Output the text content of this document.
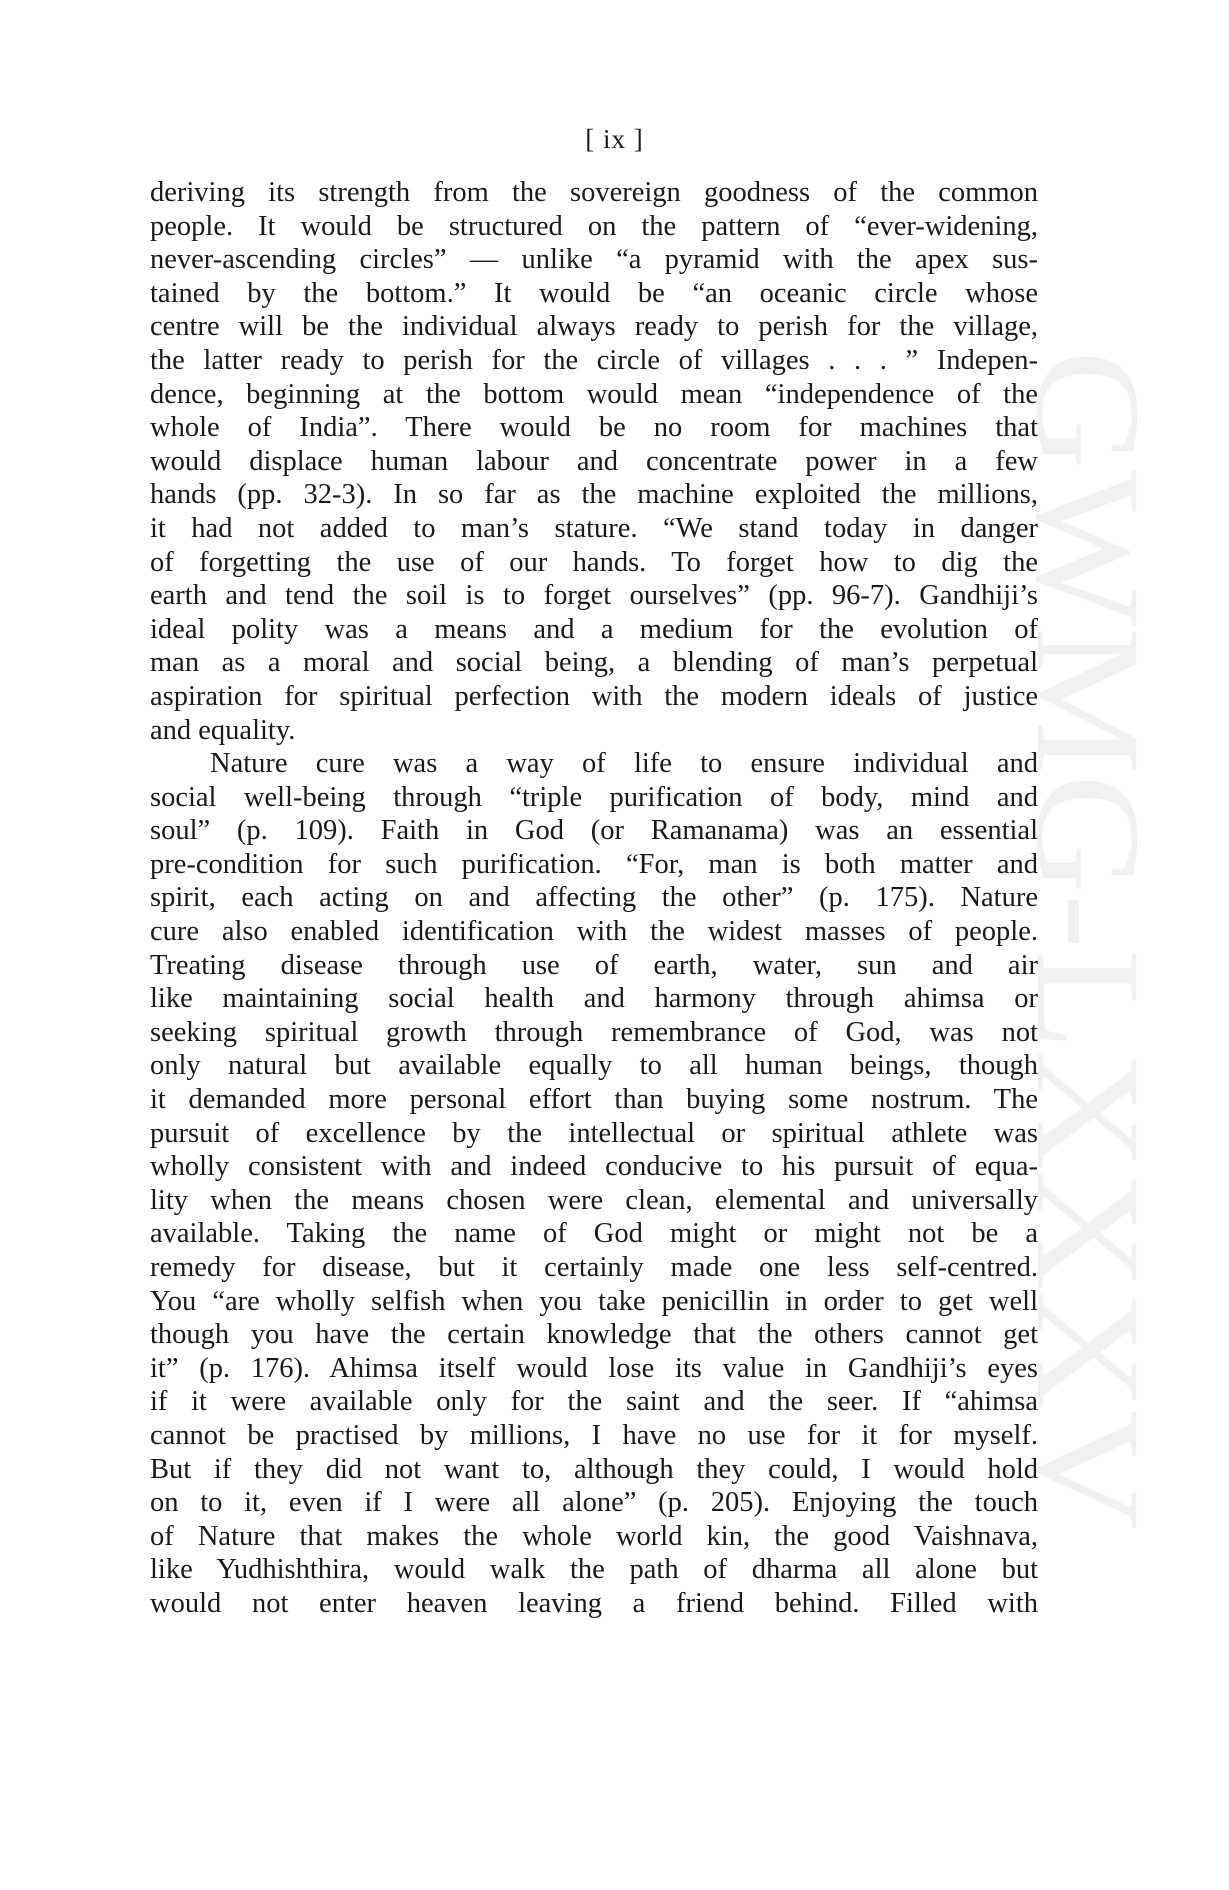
[ ix ]
GWMG-LXXXV
deriving its strength from the sovereign goodness of the common
people. It would be structured on the pattern of “ever-widening,
never-ascending circles” — unlike “a pyramid with the apex sus-
tained by the bottom.” It would be “an oceanic circle whose
centre will be the individual always ready to perish for the village,
the latter ready to perish for the circle of villages . . . ” Indepen-
dence, beginning at the bottom would mean “independence of the
whole of India”. There would be no room for machines that
would displace human labour and concentrate power in a few
hands (pp. 32-3). In so far as the machine exploited the millions,
it had not added to man’s stature. “We stand today in danger
of forgetting the use of our hands. To forget how to dig the
earth and tend the soil is to forget ourselves” (pp. 96-7). Gandhiji’s
ideal polity was a means and a medium for the evolution of
man as a moral and social being, a blending of man’s perpetual
aspiration for spiritual perfection with the modern ideals of justice
and equality.
Nature cure was a way of life to ensure individual and
social well-being through “triple purification of body, mind and
soul” (p. 109). Faith in God (or Ramanama) was an essential
pre-condition for such purification. “For, man is both matter and
spirit, each acting on and affecting the other” (p. 175). Nature
cure also enabled identification with the widest masses of people.
Treating disease through use of earth, water, sun and air
like maintaining social health and harmony through ahimsa or
seeking spiritual growth through remembrance of God, was not
only natural but available equally to all human beings, though
it demanded more personal effort than buying some nostrum. The
pursuit of excellence by the intellectual or spiritual athlete was
wholly consistent with and indeed conducive to his pursuit of equa-
lity when the means chosen were clean, elemental and universally
available. Taking the name of God might or might not be a
remedy for disease, but it certainly made one less self-centred.
You “are wholly selfish when you take penicillin in order to get well
though you have the certain knowledge that the others cannot get
it” (p. 176). Ahimsa itself would lose its value in Gandhiji’s eyes
if it were available only for the saint and the seer. If “ahimsa
cannot be practised by millions, I have no use for it for myself.
But if they did not want to, although they could, I would hold
on to it, even if I were all alone” (p. 205). Enjoying the touch
of Nature that makes the whole world kin, the good Vaishnava,
like Yudhishthira, would walk the path of dharma all alone but
would not enter heaven leaving a friend behind. Filled with
